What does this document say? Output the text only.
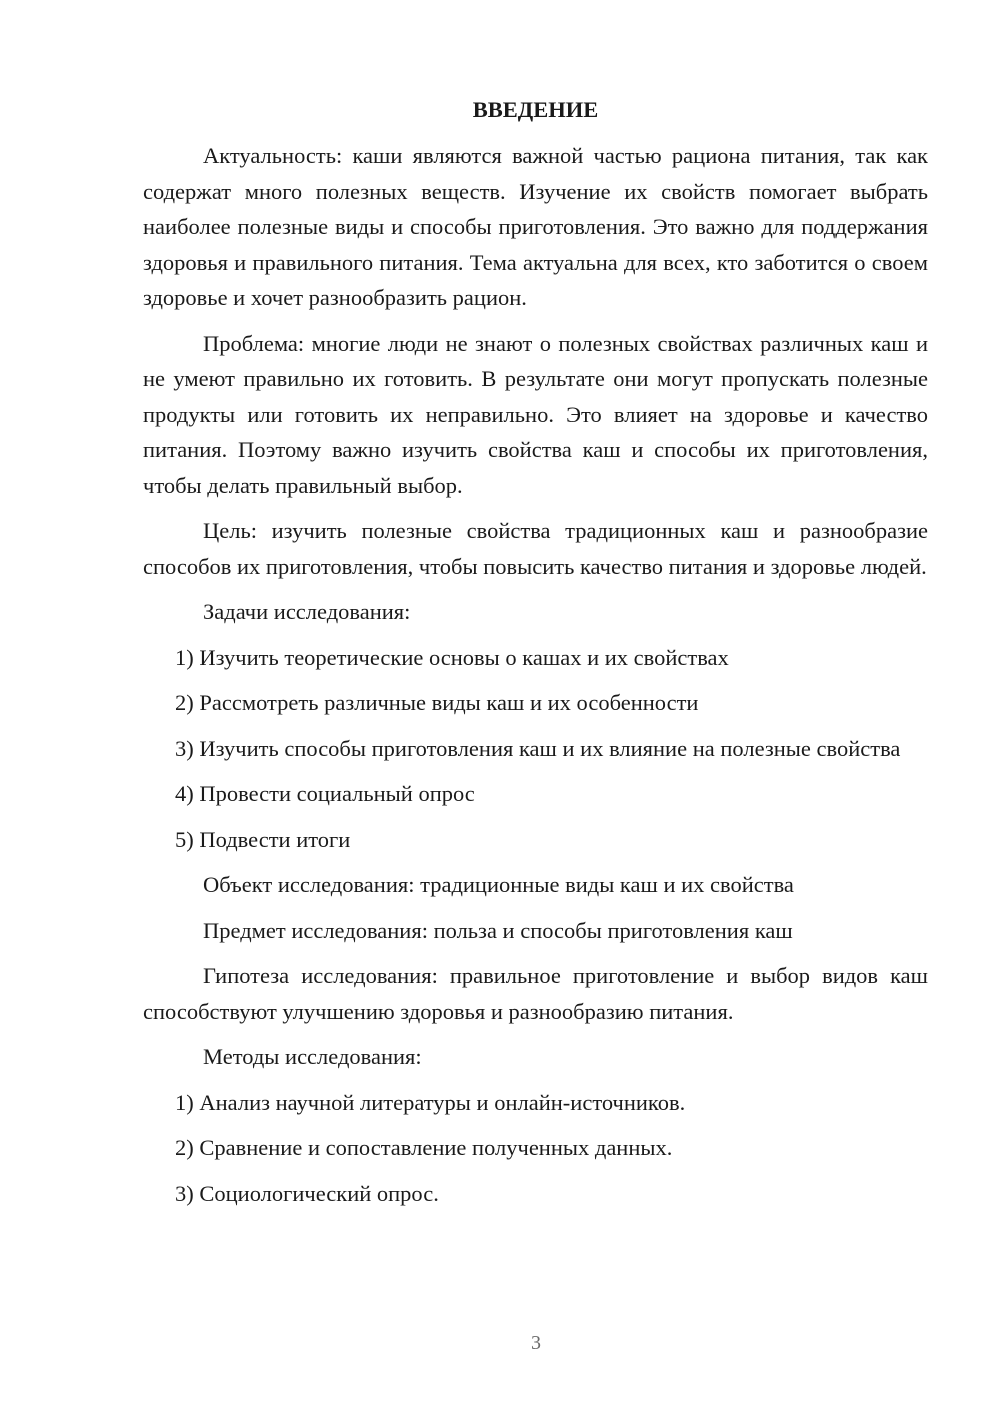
ВВЕДЕНИЕ

Актуальность: каши являются важной частью рациона питания, так как содержат много полезных веществ. Изучение их свойств помогает выбрать наиболее полезные виды и способы приготовления. Это важно для поддержания здоровья и правильного питания. Тема актуальна для всех, кто заботится о своем здоровье и хочет разнообразить рацион.

Проблема: многие люди не знают о полезных свойствах различных каш и не умеют правильно их готовить. В результате они могут пропускать полезные продукты или готовить их неправильно. Это влияет на здоровье и качество питания. Поэтому важно изучить свойства каш и способы их приготовления, чтобы делать правильный выбор.

Цель: изучить полезные свойства традиционных каш и разнообразие способов их приготовления, чтобы повысить качество питания и здоровье людей.

Задачи исследования:

1) Изучить теоретические основы о кашах и их свойствах

2) Рассмотреть различные виды каш и их особенности

3) Изучить способы приготовления каш и их влияние на полезные свойства

4) Провести социальный опрос

5) Подвести итоги

Объект исследования: традиционные виды каш и их свойства

Предмет исследования: польза и способы приготовления каш

Гипотеза исследования: правильное приготовление и выбор видов каш способствуют улучшению здоровья и разнообразию питания.

Методы исследования:

1) Анализ научной литературы и онлайн-источников.

2) Сравнение и сопоставление полученных данных.

3) Социологический опрос.

3
